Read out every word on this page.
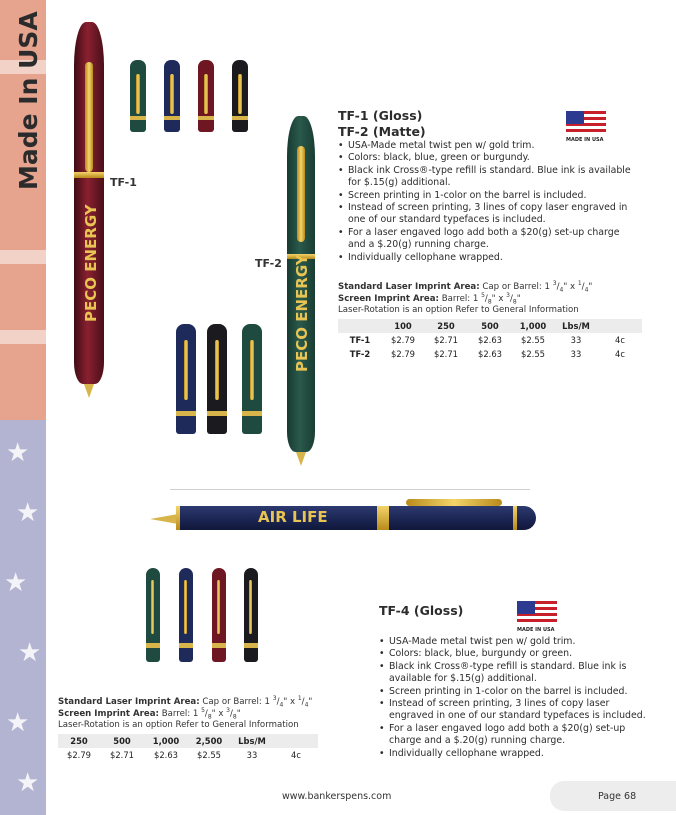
★
★
★
★
★
★
Made In USA
PECO ENERGY
TF-1
PECO ENERGY
TF-2
TF-1 (Gloss)
TF-2 (Matte)
MADE IN USA
• USA-Made metal twist pen w/ gold trim.
• Colors: black, blue, green or burgundy.
• Black ink Cross®-type refill is standard. Blue ink is available for $.15(g) additional.
• Screen printing in 1-color on the barrel is included.
• Instead of screen printing, 3 lines of copy laser engraved in one of our standard typefaces is included.
• For a laser engaved logo add both a $20(g) set-up charge and a $.20(g) running charge.
• Individually cellophane wrapped.
Standard Laser Imprint Area: Cap or Barrel: 1 $^3/_4$" x $^1/_4$"
Screen Imprint Area: Barrel: 1 $^5/_8$" x $^3/_8$"
Laser-Rotation is an option Refer to General Information
	100	250	500	1,000	Lbs/M	
TF-1	$2.79	$2.71	$2.63	$2.55	33	4c
TF-2	$2.79	$2.71	$2.63	$2.55	33	4c
AIR LIFE
TF-4 (Gloss)
MADE IN USA
• USA-Made metal twist pen w/ gold trim.
• Colors: black, blue, burgundy or green.
• Black ink Cross®-type refill is standard. Blue ink is available for $.15(g) additional.
• Screen printing in 1-color on the barrel is included.
• Instead of screen printing, 3 lines of copy laser engraved in one of our standard typefaces is included.
• For a laser engaved logo add both a $20(g) set-up charge and a $.20(g) running charge.
• Individually cellophane wrapped.
Standard Laser Imprint Area: Cap or Barrel: 1 $^3/_4$" x $^1/_4$"
Screen Imprint Area: Barrel: 1 $^5/_8$" x $^3/_8$"
Laser-Rotation is an option Refer to General Information
250	500	1,000	2,500	Lbs/M	
$2.79	$2.71	$2.63	$2.55	33	4c
www.bankerspens.com	Page 68
